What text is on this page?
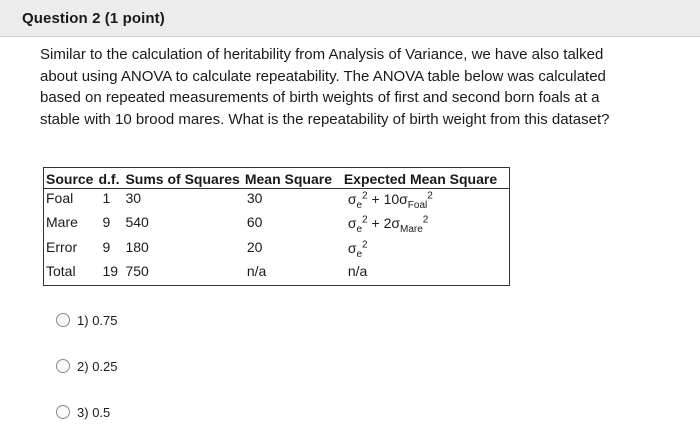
Question 2 (1 point)
Similar to the calculation of heritability from Analysis of Variance, we have also talked about using ANOVA to calculate repeatability. The ANOVA table below was calculated based on repeated measurements of birth weights of first and second born foals at a stable with 10 brood mares. What is the repeatability of birth weight from this dataset?
Source	d.f.	Sums of Squares	Mean Square	Expected Mean Square
Foal	1	30	30	$\sigma_e^2 + 10\sigma_{Foal}^2$
Mare	9	540	60	$\sigma_e^2 + 2\sigma_{Mare}^2$
Error	9	180	20	$\sigma_e^2$
Total	19	750	n/a	n/a
1) 0.75
2) 0.25
3) 0.5
